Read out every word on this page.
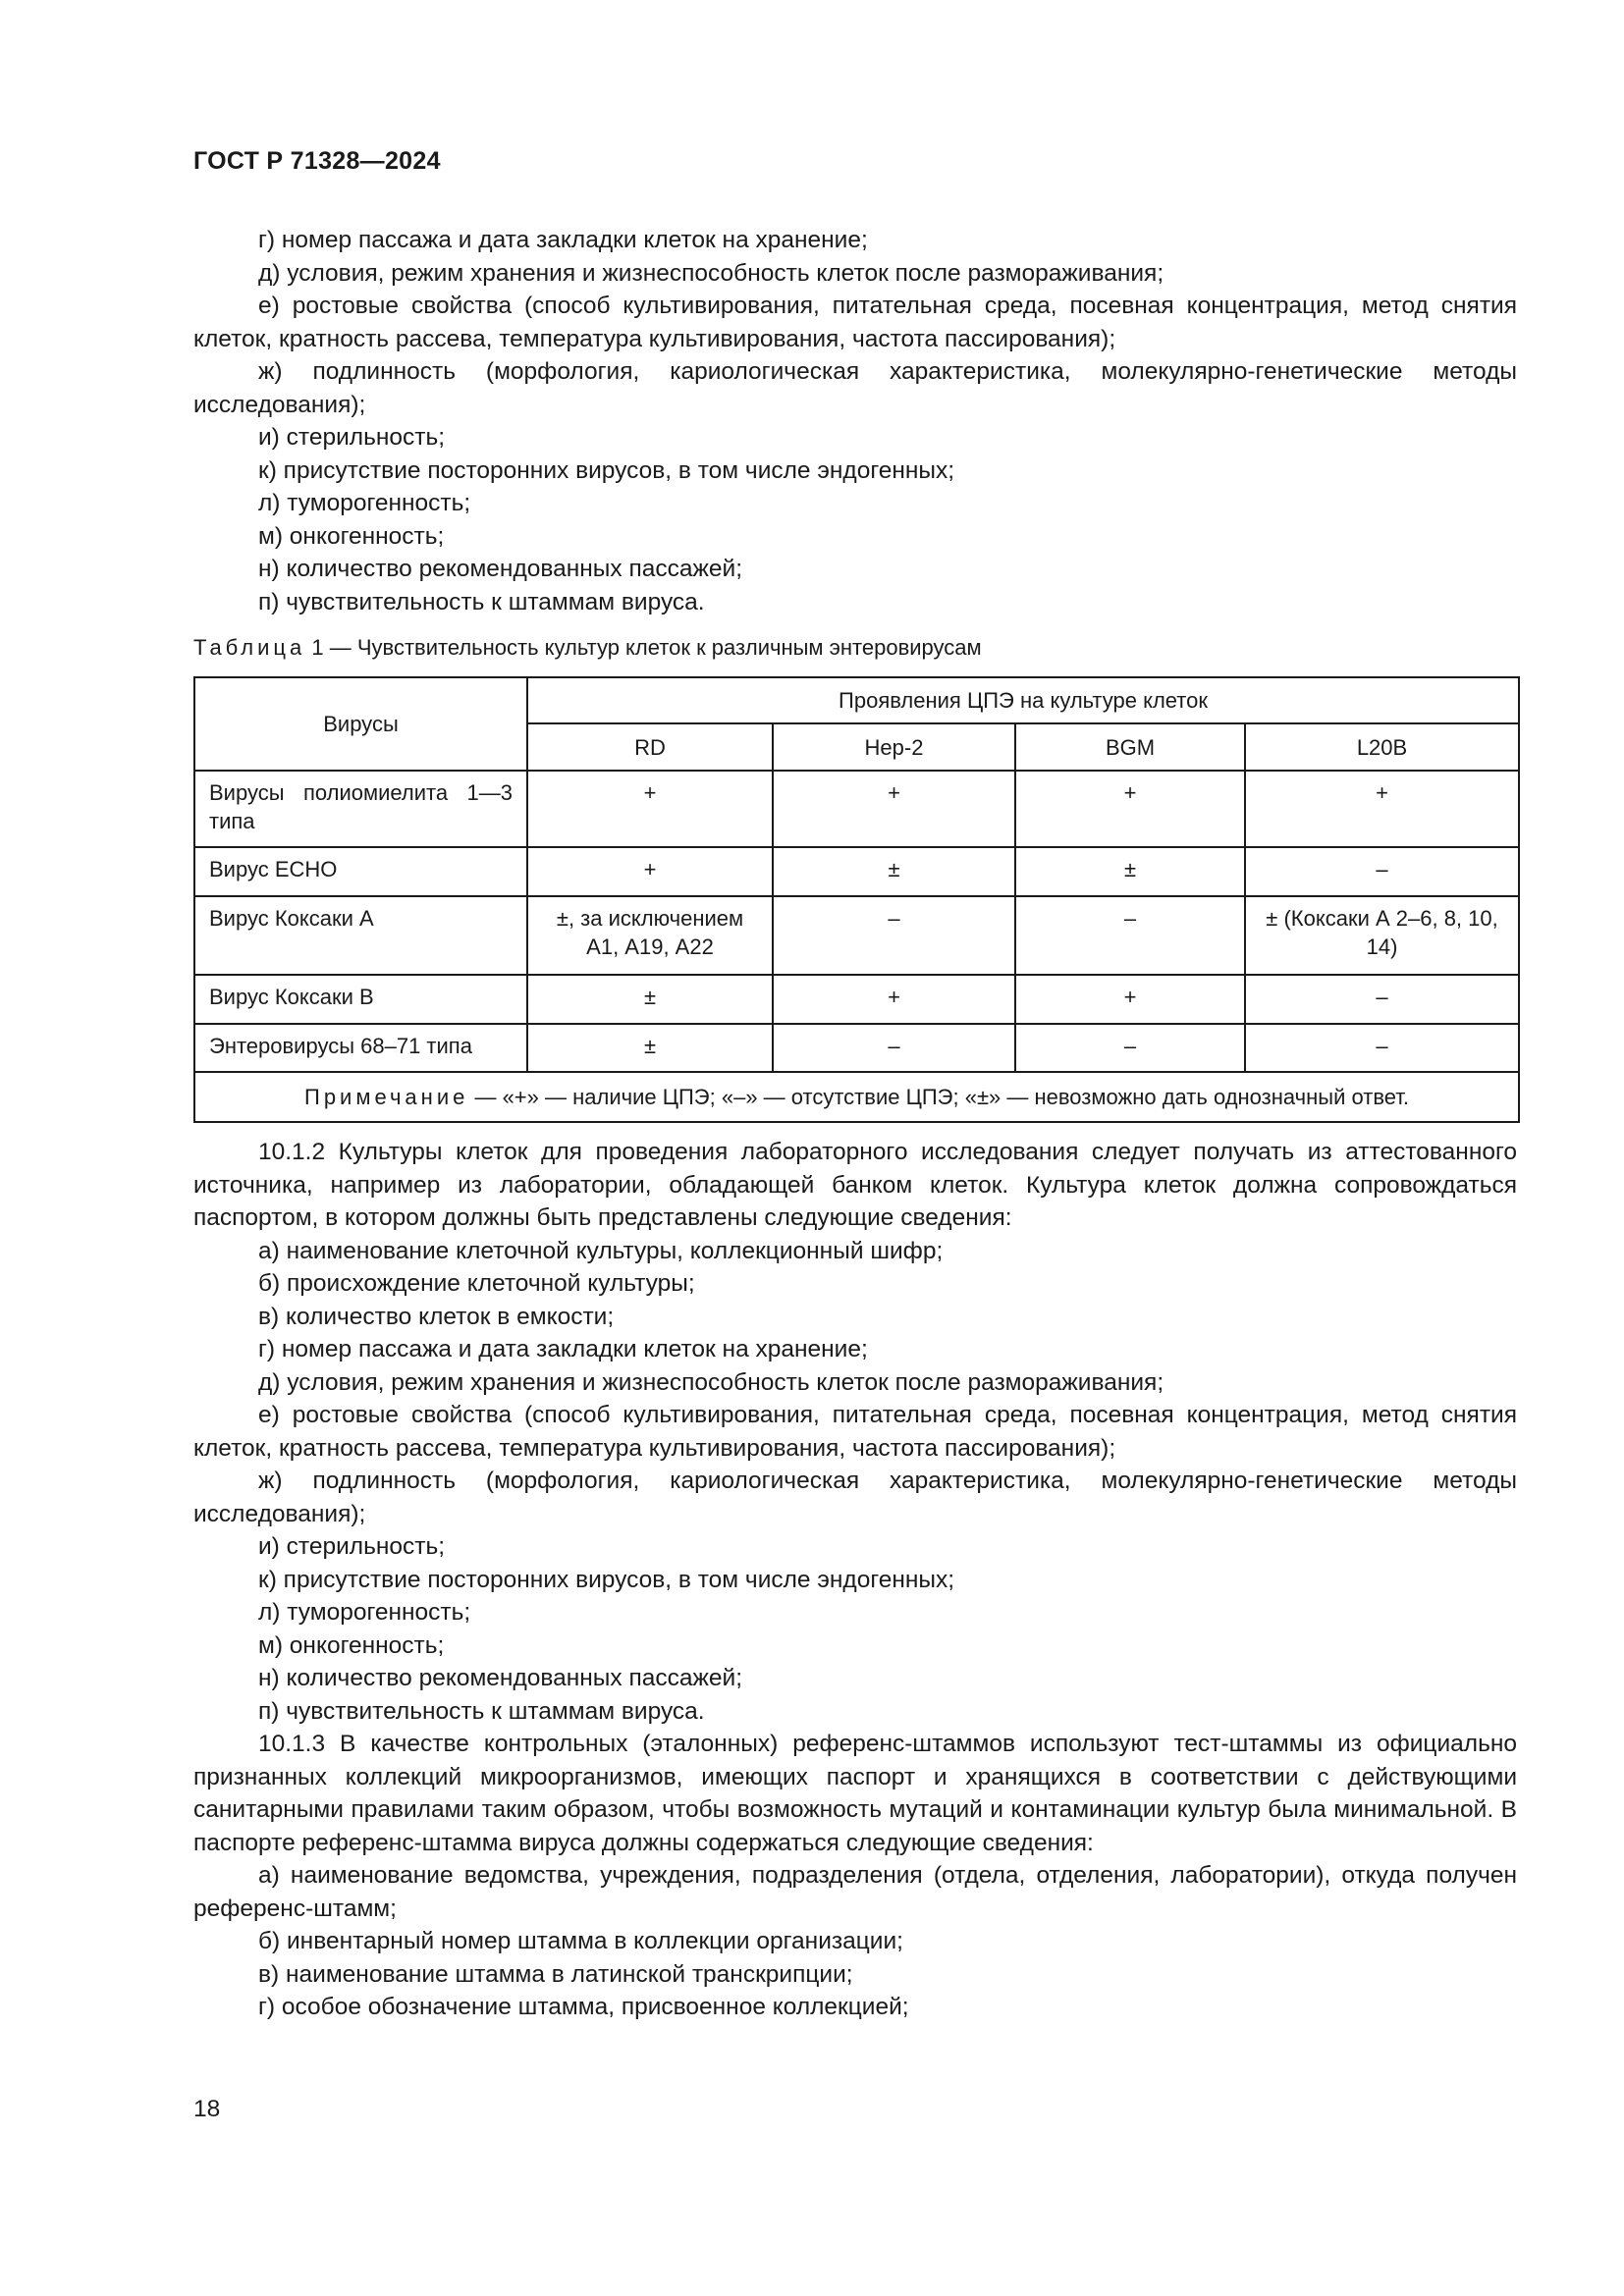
ГОСТ Р 71328—2024

г) номер пассажа и дата закладки клеток на хранение;

д) условия, режим хранения и жизнеспособность клеток после размораживания;

е) ростовые свойства (способ культивирования, питательная среда, посевная концентрация, метод снятия клеток, кратность рассева, температура культивирования, частота пассирования);

ж) подлинность (морфология, кариологическая характеристика, молекулярно-генетические методы исследования);

и) стерильность;

к) присутствие посторонних вирусов, в том числе эндогенных;

л) туморогенность;

м) онкогенность;

н) количество рекомендованных пассажей;

п) чувствительность к штаммам вируса.

Таблица 1 — Чувствительность культур клеток к различным энтеровирусам
Вирусы	Проявления ЦПЭ на культуре клеток			
	RD	Hep-2	BGM	L20B

Вирусы полиомиелита 1—3 типа	+	+	+	+
Вирус ECHO	+	±	±	–
Вирус Коксаки А	±, за исключением А1, А19, А22	–	–	± (Коксаки А 2–6, 8, 10, 14)
Вирус Коксаки В	±	+	+	–
Энтеровирусы 68–71 типа	±	–	–	–
Примечание — «+» — наличие ЦПЭ; «–» — отсутствие ЦПЭ; «±» — невозможно дать однозначный ответ.				

10.1.2 Культуры клеток для проведения лабораторного исследования следует получать из аттестованного источника, например из лаборатории, обладающей банком клеток. Культура клеток должна сопровождаться паспортом, в котором должны быть представлены следующие сведения:

а) наименование клеточной культуры, коллекционный шифр;

б) происхождение клеточной культуры;

в) количество клеток в емкости;

г) номер пассажа и дата закладки клеток на хранение;

д) условия, режим хранения и жизнеспособность клеток после размораживания;

е) ростовые свойства (способ культивирования, питательная среда, посевная концентрация, метод снятия клеток, кратность рассева, температура культивирования, частота пассирования);

ж) подлинность (морфология, кариологическая характеристика, молекулярно-генетические методы исследования);

и) стерильность;

к) присутствие посторонних вирусов, в том числе эндогенных;

л) туморогенность;

м) онкогенность;

н) количество рекомендованных пассажей;

п) чувствительность к штаммам вируса.

10.1.3 В качестве контрольных (эталонных) референс-штаммов используют тест-штаммы из официально признанных коллекций микроорганизмов, имеющих паспорт и хранящихся в соответствии с действующими санитарными правилами таким образом, чтобы возможность мутаций и контаминации культур была минимальной. В паспорте референс-штамма вируса должны содержаться следующие сведения:

а) наименование ведомства, учреждения, подразделения (отдела, отделения, лаборатории), откуда получен референс-штамм;

б) инвентарный номер штамма в коллекции организации;

в) наименование штамма в латинской транскрипции;

г) особое обозначение штамма, присвоенное коллекцией;

18
